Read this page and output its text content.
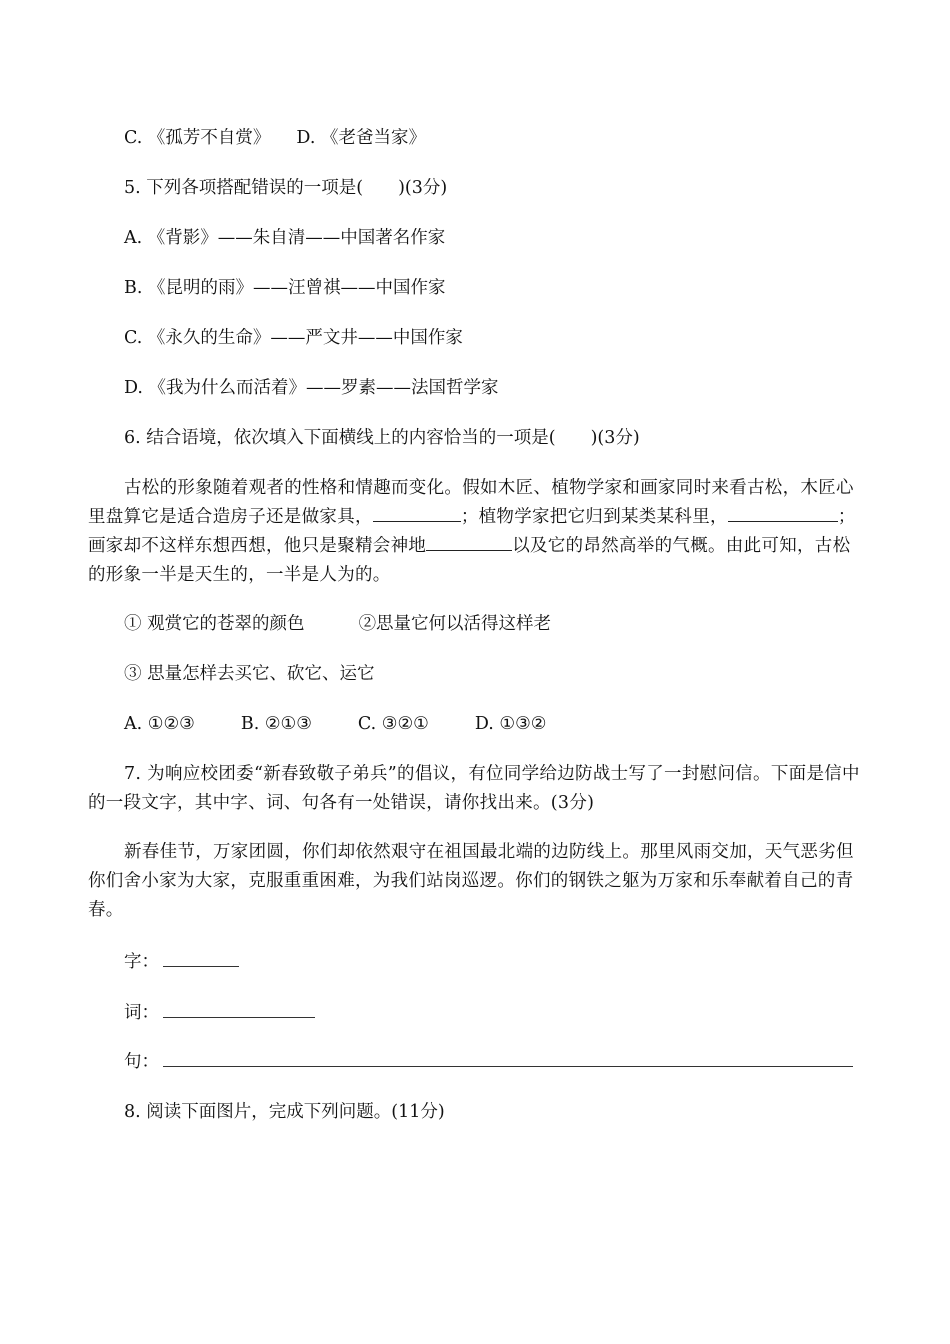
C. 《孤芳不自赏》 D. 《老爸当家》
5. 下列各项搭配错误的一项是(　　)(3分)
A. 《背影》——朱自清——中国著名作家
B. 《昆明的雨》——汪曾祺——中国作家
C. 《永久的生命》——严文井——中国作家
D. 《我为什么而活着》——罗素——法国哲学家
6. 结合语境，依次填入下面横线上的内容恰当的一项是(　　)(3分)
古松的形象随着观者的性格和情趣而变化。假如木匠、植物学家和画家同时来看古松，木匠心里盘算它是适合造房子还是做家具，	；植物学家把它归到某类某科里，	；画家却不这样东想西想，他只是聚精会神地	以及它的昂然高举的气概。由此可知，古松的形象一半是天生的，一半是人为的。
① 观赏它的苍翠的颜色	②思量它何以活得这样老
③ 思量怎样去买它、砍它、运它
A. ①②③	B. ②①③	C. ③②①	D. ①③②
7. 为响应校团委“新春致敬子弟兵”的倡议，有位同学给边防战士写了一封慰问信。下面是信中的一段文字，其中字、词、句各有一处错误，请你找出来。(3分)
新春佳节，万家团圆，你们却依然艰守在祖国最北端的边防线上。那里风雨交加，天气恶劣但你们舍小家为大家，克服重重困难，为我们站岗巡逻。你们的钢铁之躯为万家和乐奉献着自己的青春。
字：
词：
句：
8. 阅读下面图片，完成下列问题。(11分)
